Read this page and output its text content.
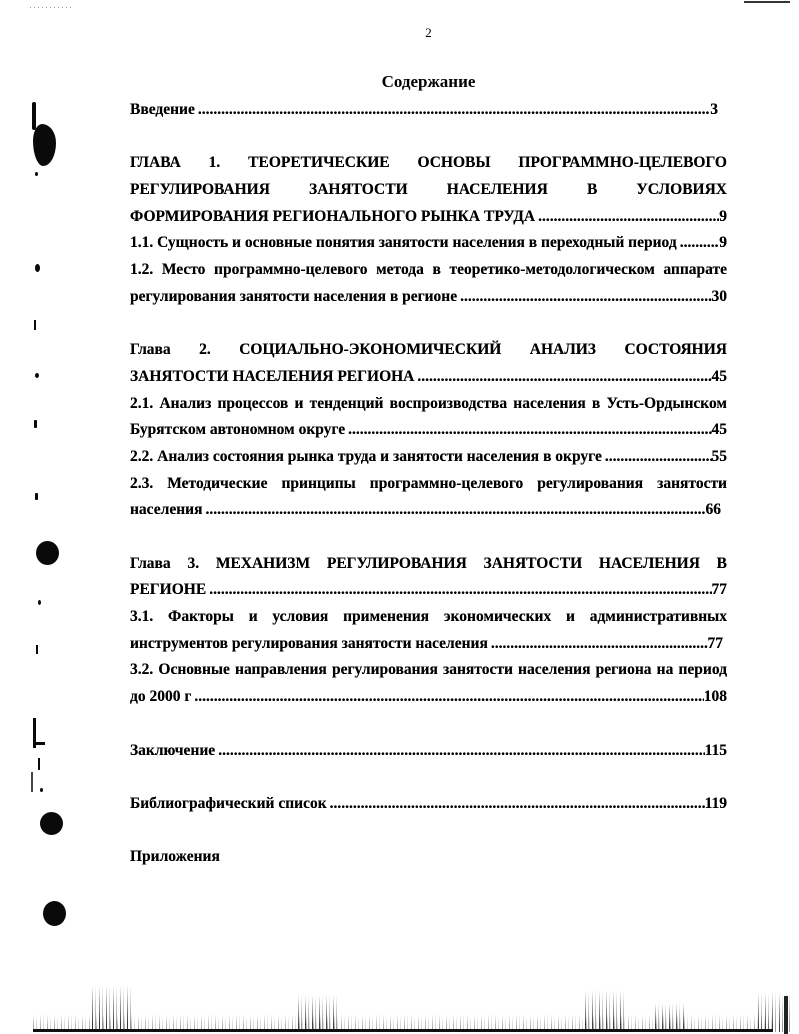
2
Содержание
Введение .....	3
ГЛАВА 1. ТЕОРЕТИЧЕСКИЕ ОСНОВЫ ПРОГРАММНО-ЦЕЛЕВОГО
РЕГУЛИРОВАНИЯ ЗАНЯТОСТИ НАСЕЛЕНИЯ В УСЛОВИЯХ
ФОРМИРОВАНИЯ РЕГИОНАЛЬНОГО РЫНКА ТРУДА .....	9
1.1. Сущность и основные понятия занятости населения в переходный период .....	9
1.2. Место программно-целевого метода в теоретико-методологическом аппарате
регулирования занятости населения в регионе .....	30
Глава 2. СОЦИАЛЬНО-ЭКОНОМИЧЕСКИЙ АНАЛИЗ СОСТОЯНИЯ
ЗАНЯТОСТИ НАСЕЛЕНИЯ РЕГИОНА .....	45
2.1. Анализ процессов и тенденций воспроизводства населения в Усть-Ордынском
Бурятском автономном округе .....	45
2.2. Анализ состояния рынка труда и занятости населения в округе .....	55
2.3. Методические принципы программно-целевого регулирования занятости
населения .....	66
Глава 3. МЕХАНИЗМ РЕГУЛИРОВАНИЯ ЗАНЯТОСТИ НАСЕЛЕНИЯ В
РЕГИОНЕ .....	77
3.1. Факторы и условия применения экономических и административных
инструментов регулирования занятости населения .....	77
3.2. Основные направления регулирования занятости населения региона на период
до 2000 г .....	108
Заключение .....	115
Библиографический список .....	119
Приложения
